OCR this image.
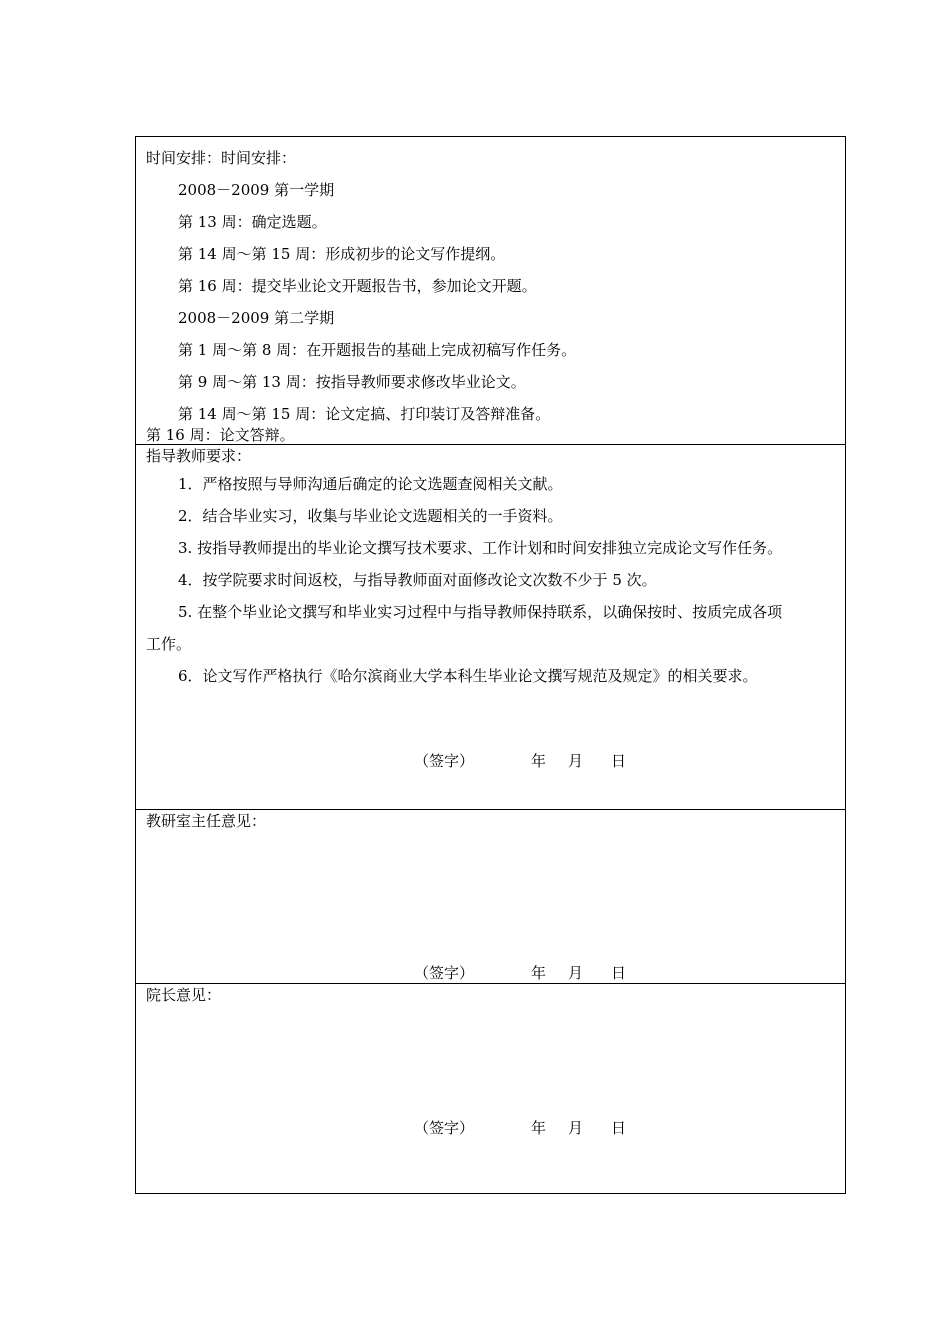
时间安排：时间安排：
2008－2009 第一学期
第 13 周：确定选题。
第 14 周～第 15 周：形成初步的论文写作提纲。
第 16 周：提交毕业论文开题报告书，参加论文开题。
2008－2009 第二学期
第 1 周～第 8 周：在开题报告的基础上完成初稿写作任务。
第 9 周～第 13 周：按指导教师要求修改毕业论文。
第 14 周～第 15 周：论文定搞、打印装订及答辩准备。
第 16 周：论文答辩。
指导教师要求：
1．严格按照与导师沟通后确定的论文选题查阅相关文献。
2．结合毕业实习，收集与毕业论文选题相关的一手资料。
3. 按指导教师提出的毕业论文撰写技术要求、工作计划和时间安排独立完成论文写作任务。
4．按学院要求时间返校，与指导教师面对面修改论文次数不少于 5 次。
5. 在整个毕业论文撰写和毕业实习过程中与指导教师保持联系，以确保按时、按质完成各项
工作。
6．论文写作严格执行《哈尔滨商业大学本科生毕业论文撰写规范及规定》的相关要求。
（签字）	年 月 日
教研室主任意见：
（签字）	年 月 日
院长意见：
（签字）	年 月 日
